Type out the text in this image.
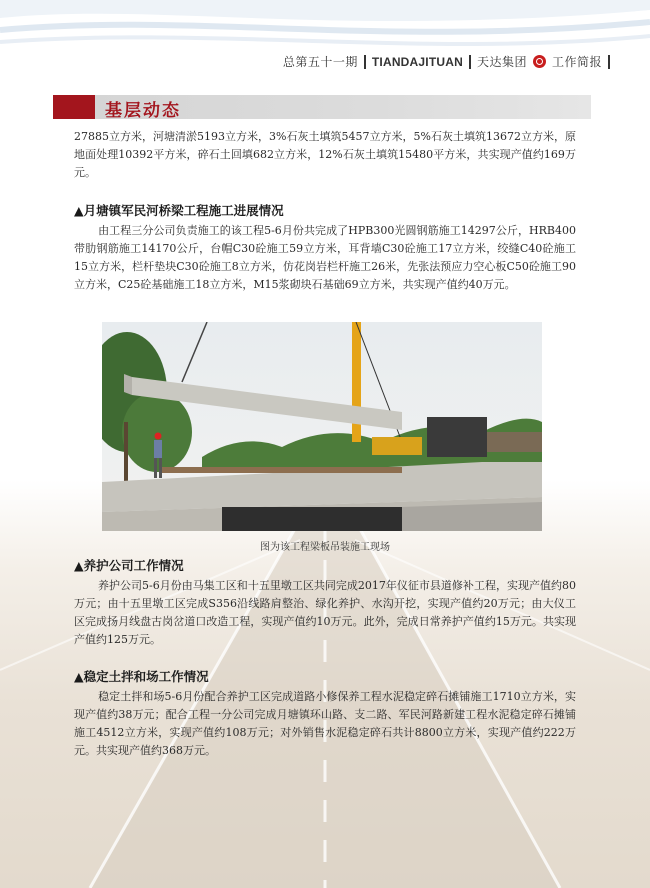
总第五十一期 TIANDAJITUAN 天达集团 工作简报
基层动态

27885立方米，河塘清淤5193立方米，3%石灰土填筑5457立方米，5%石灰土填筑13672立方米，原地面处理10392平方米，碎石土回填682立方米，12%石灰土填筑15480平方米，共实现产值约169万元。

▲月塘镇军民河桥梁工程施工进展情况

由工程三分公司负责施工的该工程5-6月份共完成了HPB300光圆钢筋施工14297公斤，HRB400带肋钢筋施工14170公斤，台帽C30砼施工59立方米，耳背墙C30砼施工17立方米，绞缝C40砼施工15立方米，栏杆垫块C30砼施工8立方米，仿花岗岩栏杆施工26米，先张法预应力空心板C50砼施工90立方米，C25砼基础施工18立方米，M15浆砌块石基础69立方米，共实现产值约40万元。

图为该工程梁板吊装施工现场
▲养护公司工作情况

养护公司5-6月份由马集工区和十五里墩工区共同完成2017年仪征市县道修补工程，实现产值约80万元；由十五里墩工区完成S356沿线路肩整治、绿化养护、水沟开挖，实现产值约20万元；由大仪工区完成扬月线盘古岗岔道口改造工程，实现产值约10万元。此外，完成日常养护产值约15万元。共实现产值约125万元。

▲稳定土拌和场工作情况

稳定土拌和场5-6月份配合养护工区完成道路小修保养工程水泥稳定碎石摊铺施工1710立方米，实现产值约38万元；配合工程一分公司完成月塘镇环山路、支二路、军民河路新建工程水泥稳定碎石摊铺施工4512立方米，实现产值约108万元；对外销售水泥稳定碎石共计8800立方米，实现产值约222万元。共实现产值约368万元。
